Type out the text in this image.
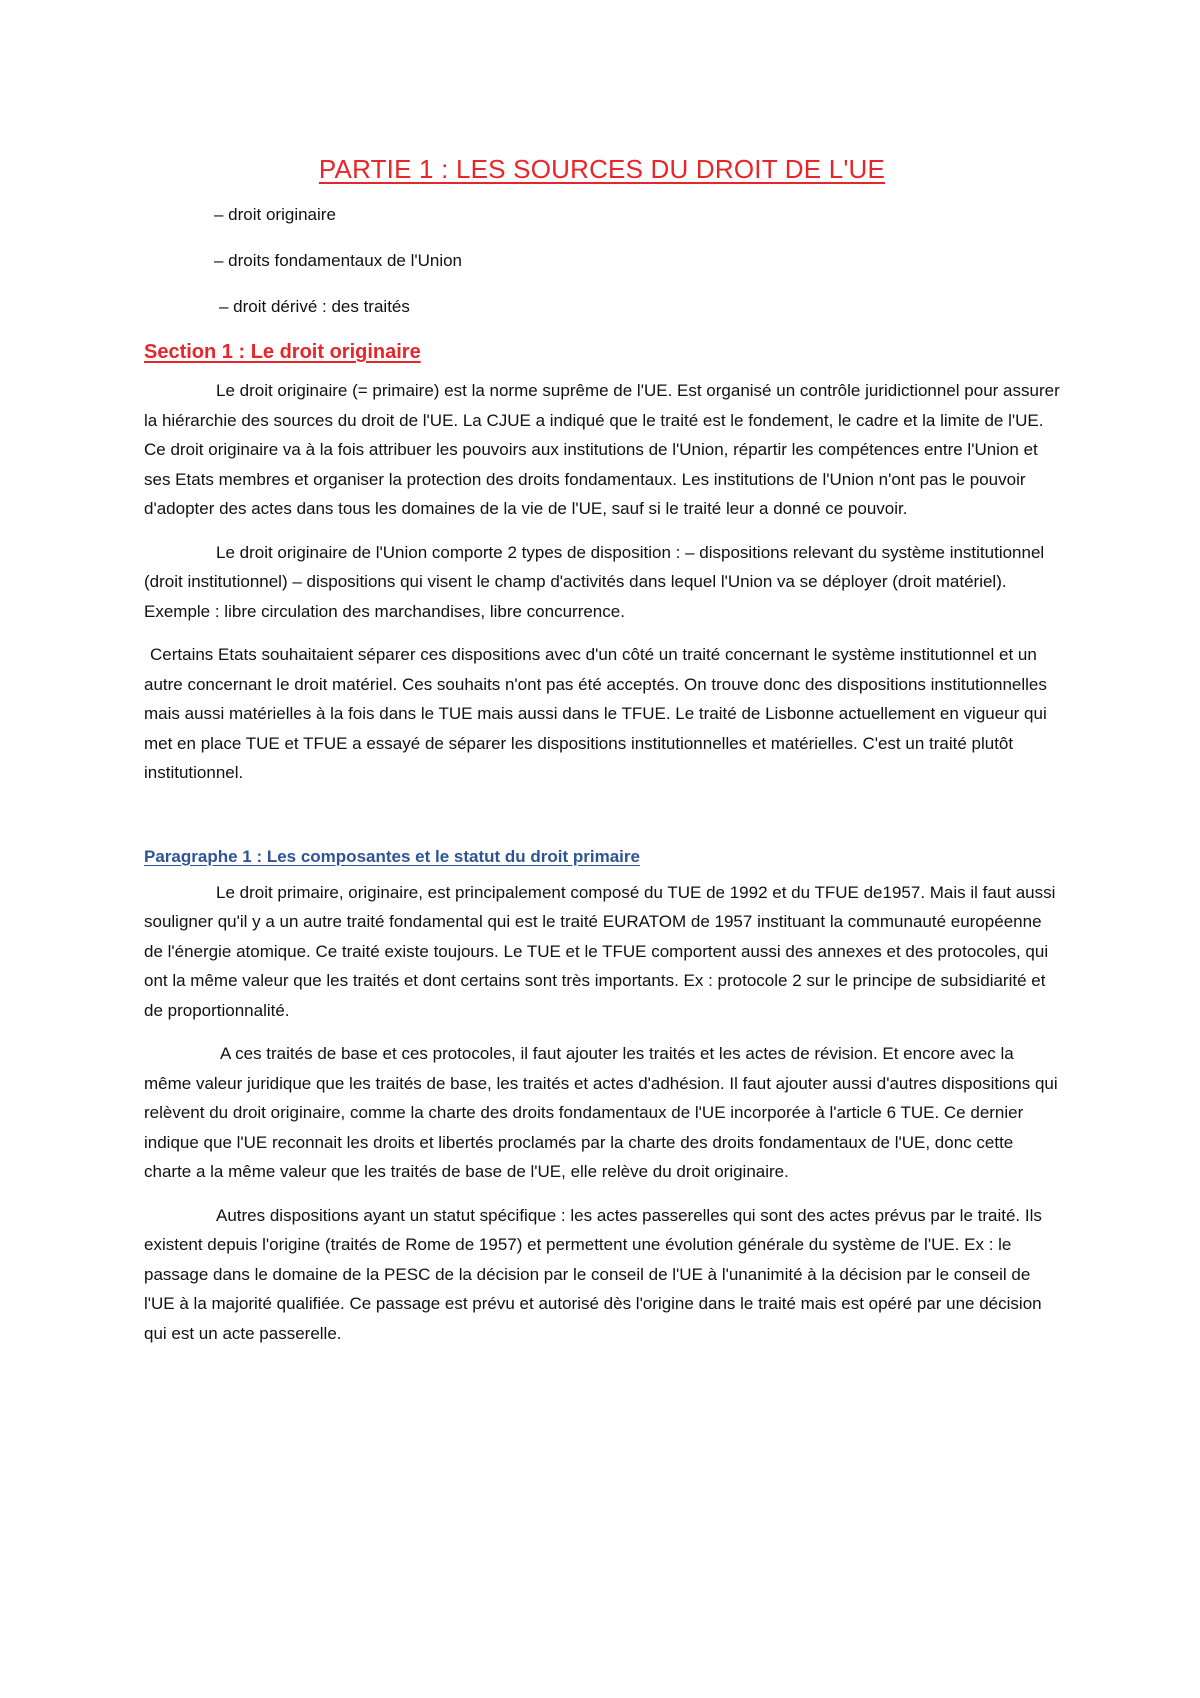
PARTIE 1 : LES SOURCES DU DROIT DE L'UE
– droit originaire
– droits fondamentaux de l'Union
– droit dérivé : des traités
Section 1 : Le droit originaire

Le droit originaire (= primaire) est la norme suprême de l'UE. Est organisé un contrôle juridictionnel pour assurer la hiérarchie des sources du droit de l'UE. La CJUE a indiqué que le traité est le fondement, le cadre et la limite de l'UE. Ce droit originaire va à la fois attribuer les pouvoirs aux institutions de l'Union, répartir les compétences entre l'Union et ses Etats membres et organiser la protection des droits fondamentaux. Les institutions de l'Union n'ont pas le pouvoir d'adopter des actes dans tous les domaines de la vie de l'UE, sauf si le traité leur a donné ce pouvoir.

Le droit originaire de l'Union comporte 2 types de disposition : – dispositions relevant du système institutionnel (droit institutionnel) – dispositions qui visent le champ d'activités dans lequel l'Union va se déployer (droit matériel). Exemple : libre circulation des marchandises, libre concurrence.

Certains Etats souhaitaient séparer ces dispositions avec d'un côté un traité concernant le système institutionnel et un autre concernant le droit matériel. Ces souhaits n'ont pas été acceptés. On trouve donc des dispositions institutionnelles mais aussi matérielles à la fois dans le TUE mais aussi dans le TFUE. Le traité de Lisbonne actuellement en vigueur qui met en place TUE et TFUE a essayé de séparer les dispositions institutionnelles et matérielles. C'est un traité plutôt institutionnel.

Paragraphe 1 : Les composantes et le statut du droit primaire

Le droit primaire, originaire, est principalement composé du TUE de 1992 et du TFUE de1957. Mais il faut aussi souligner qu'il y a un autre traité fondamental qui est le traité EURATOM de 1957 instituant la communauté européenne de l'énergie atomique. Ce traité existe toujours. Le TUE et le TFUE comportent aussi des annexes et des protocoles, qui ont la même valeur que les traités et dont certains sont très importants. Ex : protocole 2 sur le principe de subsidiarité et de proportionnalité.

A ces traités de base et ces protocoles, il faut ajouter les traités et les actes de révision. Et encore avec la même valeur juridique que les traités de base, les traités et actes d'adhésion. Il faut ajouter aussi d'autres dispositions qui relèvent du droit originaire, comme la charte des droits fondamentaux de l'UE incorporée à l'article 6 TUE. Ce dernier indique que l'UE reconnait les droits et libertés proclamés par la charte des droits fondamentaux de l'UE, donc cette charte a la même valeur que les traités de base de l'UE, elle relève du droit originaire.

Autres dispositions ayant un statut spécifique : les actes passerelles qui sont des actes prévus par le traité. Ils existent depuis l'origine (traités de Rome de 1957) et permettent une évolution générale du système de l'UE. Ex : le passage dans le domaine de la PESC de la décision par le conseil de l'UE à l'unanimité à la décision par le conseil de l'UE à la majorité qualifiée. Ce passage est prévu et autorisé dès l'origine dans le traité mais est opéré par une décision qui est un acte passerelle.
